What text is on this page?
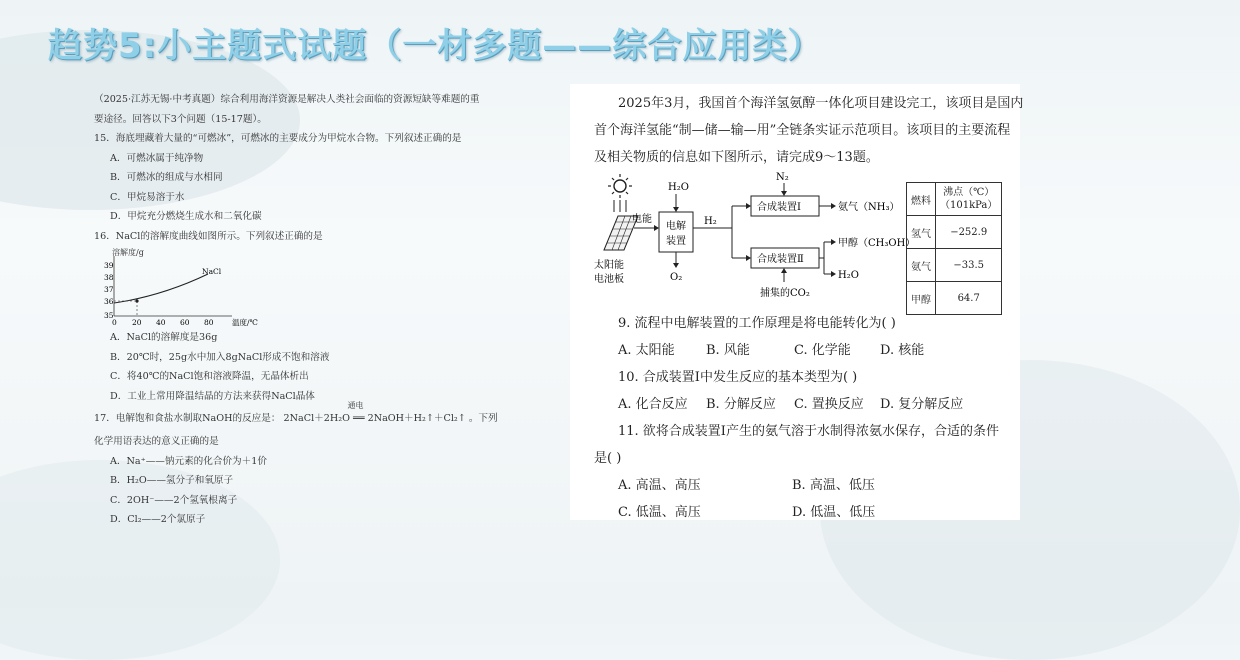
趋势5:小主题式试题（一材多题——综合应用类）

（2025·江苏无锡·中考真题）综合利用海洋资源是解决人类社会面临的资源短缺等难题的重

要途径。回答以下3个问题（15-17题）。

15．海底埋藏着大量的“可燃冰”，可燃冰的主要成分为甲烷水合物。下列叙述正确的是

A．可燃冰属于纯净物

B．可燃冰的组成与水相同

C．甲烷易溶于水

D．甲烷充分燃烧生成水和二氧化碳

16．NaCl的溶解度曲线如图所示。下列叙述正确的是

溶解度/g
39
38
37
36
35
0 20 40 60 80 温度/℃
NaCl

A．NaCl的溶解度是36g

B．20℃时，25g水中加入8gNaCl形成不饱和溶液

C．将40℃的NaCl饱和溶液降温，无晶体析出

D．工业上常用降温结晶的方法来获得NaCl晶体

17．电解饱和食盐水制取NaOH的反应是：
通电
2NaCl＋2H₂O ══ 2NaOH＋H₂↑＋Cl₂↑ 。下列

化学用语表达的意义正确的是

A．Na⁺——钠元素的化合价为＋1价

B．H₂O——氢分子和氧原子

C．2OH⁻——2个氢氧根离子

D．Cl₂——2个氯原子

2025年3月，我国首个海洋氢氨醇一体化项目建设完工，该项目是国内

首个海洋氢能“制—储—输—用”全链条实证示范项目。该项目的主要流程

及相关物质的信息如下图所示，请完成9～13题。

太阳能
电池板
电能
电解
装置
H₂O
O₂
H₂
合成装置Ⅰ
N₂
氨气（NH₃）
合成装置Ⅱ
甲醇（CH₃OH）
H₂O
捕集的CO₂
燃料	沸点（℃）
（101kPa）

氢气	−252.9
氨气	−33.5
甲醇	64.7

9. 流程中电解装置的工作原理是将电能转化为( )

A. 太阳能	B. 风能	C. 化学能	D. 核能

10. 合成装置Ⅰ中发生反应的基本类型为( )

A. 化合反应	B. 分解反应	C. 置换反应	D. 复分解反应

11. 欲将合成装置Ⅰ产生的氨气溶于水制得浓氨水保存，合适的条件

是( )

A. 高温、高压	B. 高温、低压
C. 低温、高压	D. 低温、低压
